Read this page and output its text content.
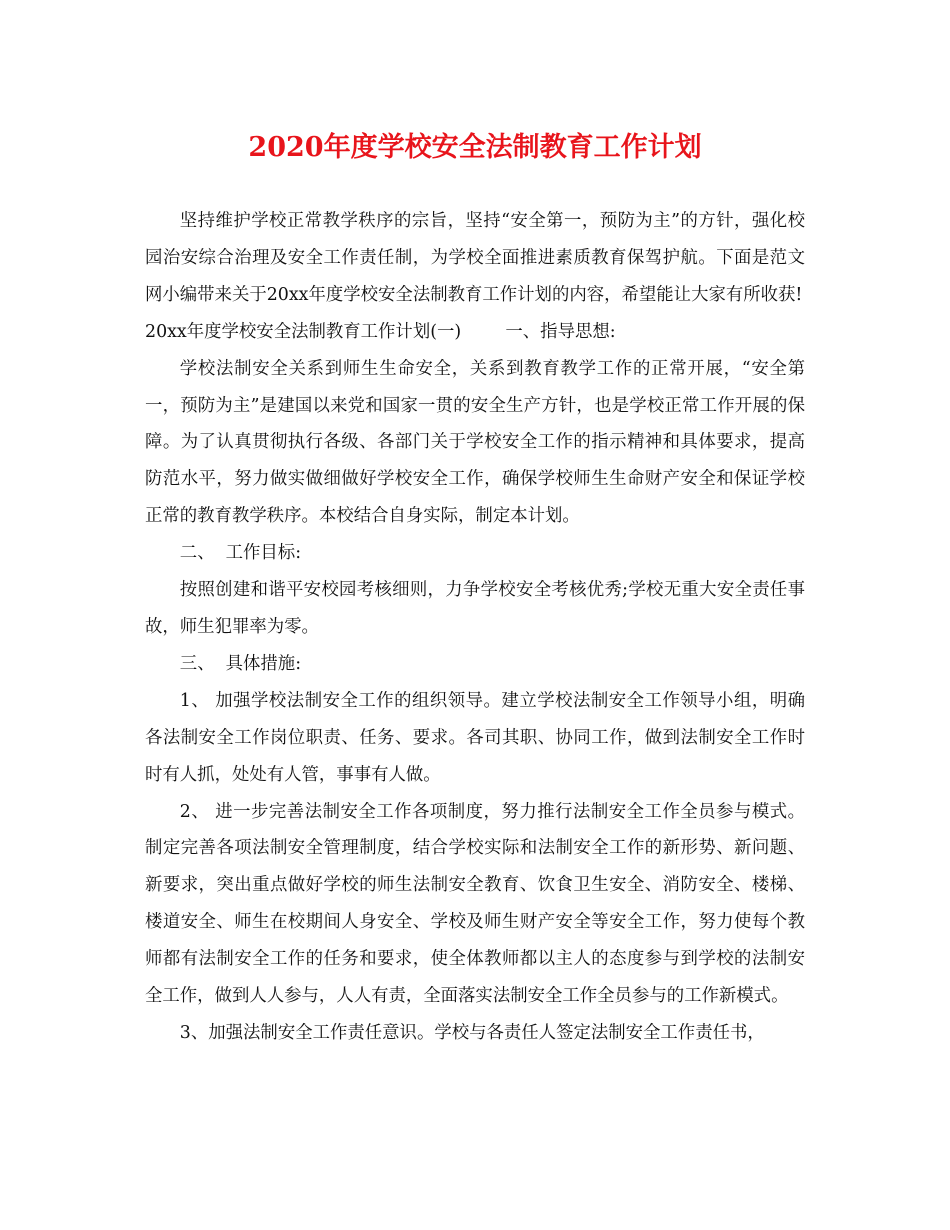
2020年度学校安全法制教育工作计划

坚持维护学校正常教学秩序的宗旨，坚持“安全第一，预防为主”的方针，强化校园治安综合治理及安全工作责任制，为学校全面推进素质教育保驾护航。下面是范文网小编带来关于20xx年度学校安全法制教育工作计划的内容，希望能让大家有所收获!

20xx年度学校安全法制教育工作计划(一)        一、指导思想:

学校法制安全关系到师生生命安全，关系到教育教学工作的正常开展，“安全第一，预防为主”是建国以来党和国家一贯的安全生产方针，也是学校正常工作开展的保障。为了认真贯彻执行各级、各部门关于学校安全工作的指示精神和具体要求，提高防范水平，努力做实做细做好学校安全工作，确保学校师生生命财产安全和保证学校正常的教育教学秩序。本校结合自身实际，制定本计划。

二、  工作目标:

按照创建和谐平安校园考核细则，力争学校安全考核优秀;学校无重大安全责任事故，师生犯罪率为零。

三、  具体措施:

1、 加强学校法制安全工作的组织领导。建立学校法制安全工作领导小组，明确各法制安全工作岗位职责、任务、要求。各司其职、协同工作，做到法制安全工作时时有人抓，处处有人管，事事有人做。

2、 进一步完善法制安全工作各项制度，努力推行法制安全工作全员参与模式。制定完善各项法制安全管理制度，结合学校实际和法制安全工作的新形势、新问题、新要求，突出重点做好学校的师生法制安全教育、饮食卫生安全、消防安全、楼梯、楼道安全、师生在校期间人身安全、学校及师生财产安全等安全工作，努力使每个教师都有法制安全工作的任务和要求，使全体教师都以主人的态度参与到学校的法制安全工作，做到人人参与，人人有责，全面落实法制安全工作全员参与的工作新模式。

3、加强法制安全工作责任意识。学校与各责任人签定法制安全工作责任书，
